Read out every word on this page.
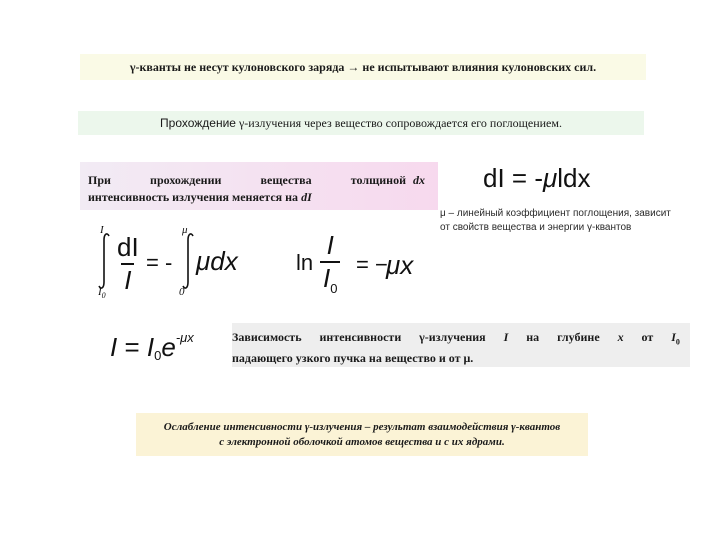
γ-кванты не несут кулоновского заряда → не испытывают влияния кулоновских сил.
Прохождение γ-излучения через вещество сопровождается его поглощением.
При	прохождении	вещества	толщиной dx
интенсивность излучения меняется на dI
dI = -μldx
μ – линейный коэффициент поглощения, зависит
от свойств вещества и энергии γ-квантов
I
$I_0 \frac{dI}{I}$ = -
μ
0
μdx	$\ln \frac{I}{I_0}$ = −
μx
$I = I_0e^{-\mu x}$	Зависимость интенсивности γ-излучения I на глубине x от $I_0$
падающего узкого пучка на вещество и от μ.
Ослабление интенсивности γ-излучения – результат взаимодействия γ-квантов
с электронной оболочкой атомов вещества и с их ядрами.
